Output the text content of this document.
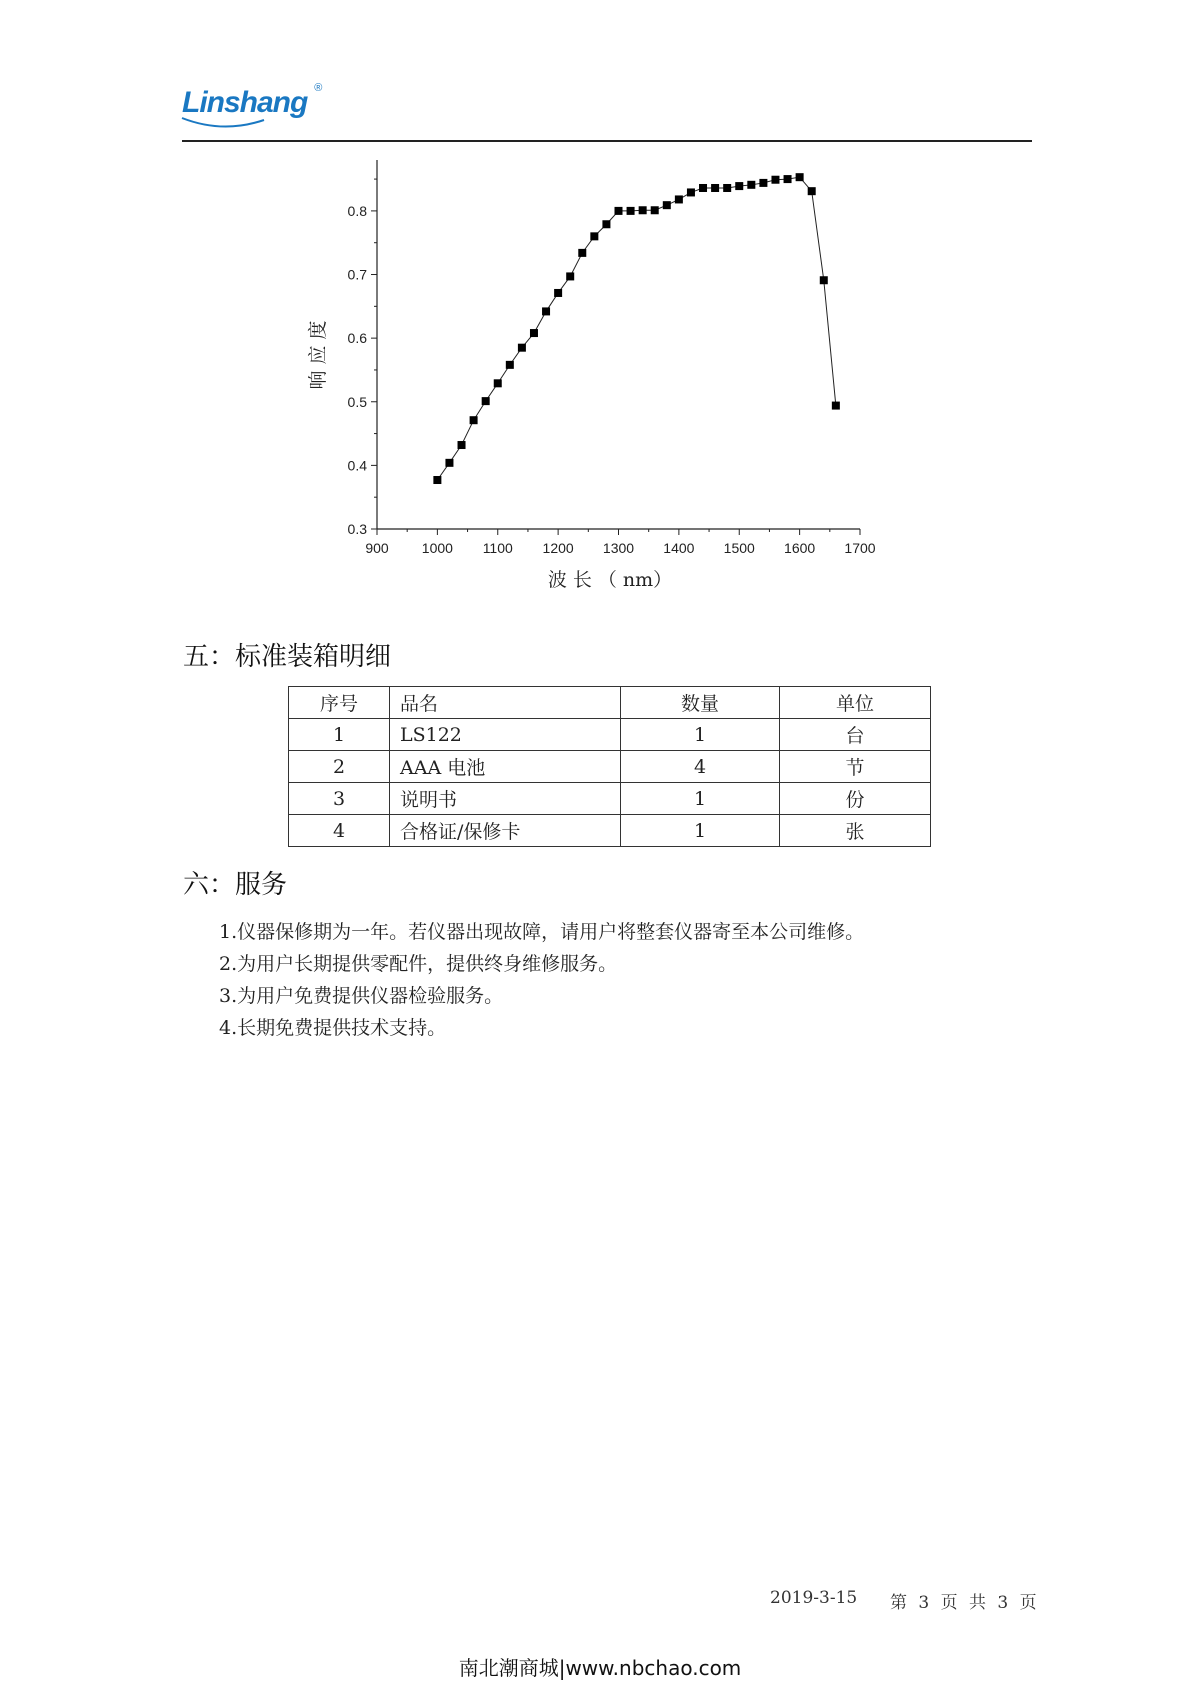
Linshang ®
900 1000 1100 1200 1300 1400 1500 1600 1700
0.3
0.4
0.5
0.6
0.7
0.8
波 长 （ nm）
响 应 度
五：标准装箱明细
序号	品名	数量	单位
1	LS122	1	台
2	AAA 电池	4	节
3	说明书	1	份
4	合格证/保修卡	1	张
六：服务
1.仪器保修期为一年。若仪器出现故障，请用户将整套仪器寄至本公司维修。
2.为用户长期提供零配件，提供终身维修服务。
3.为用户免费提供仪器检验服务。
4.长期免费提供技术支持。
2019-3-15 第 3 页 共 3 页
南北潮商城|www.nbchao.com
